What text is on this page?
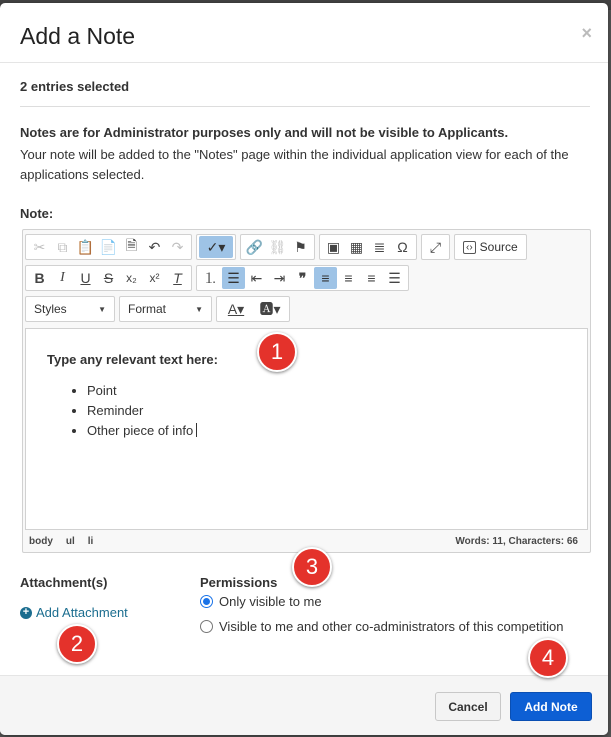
Add a Note	×
2 entries selected
Notes are for Administrator purposes only and will not be visible to Applicants.
Your note will be added to the "Notes" page within the individual application view for each of the applications selected.
Note:
✂ ⧉ 📋 📄 🗎 ↶ ↷	✓▾	🔗 ⛓ ⚑	▣ ▦ ≣ Ω	⤢	‹› Source
B	I	U S	x₂	x² T	⒈ ☰ ⇤ ⇥ ❞	≡	≡	≡ ☰
Styles	▼ Format	▼	A▾	🅰▾
Type any relevant text here:
• Point
• Reminder
• Other piece of info
body ul li	Words: 11, Characters: 66
Attachment(s)
+ Add Attachment
Permissions
Only visible to me
Visible to me and other co-administrators of this competition
Cancel	Add Note
1
2
3
4
